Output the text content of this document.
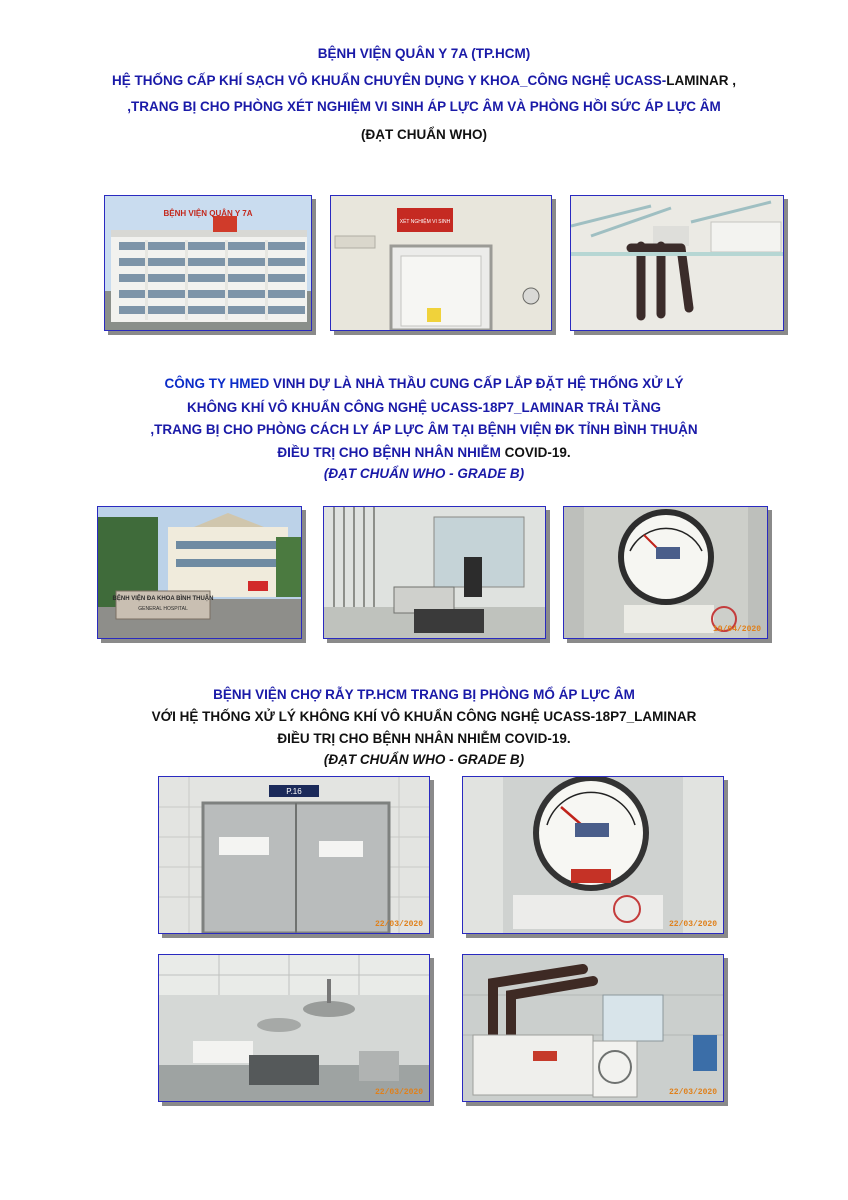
BỆNH VIỆN QUÂN Y 7A (TP.HCM)

HỆ THỐNG CẤP KHÍ SẠCH VÔ KHUẨN CHUYÊN DỤNG Y KHOA_CÔNG NGHỆ UCASS-LAMINAR ,

,TRANG BỊ CHO PHÒNG XÉT NGHIỆM VI SINH ÁP LỰC ÂM VÀ PHÒNG HỒI SỨC ÁP LỰC ÂM

(ĐẠT CHUẨN WHO)

BỆNH VIỆN QUÂN Y 7A
XÉT NGHIỆM VI SINH

CÔNG TY HMED VINH DỰ LÀ NHÀ THẦU CUNG CẤP LẮP ĐẶT HỆ THỐNG XỬ LÝ

KHÔNG KHÍ VÔ KHUẨN CÔNG NGHỆ UCASS-18P7_LAMINAR TRẢI TẦNG

,TRANG BỊ CHO PHÒNG CÁCH LY ÁP LỰC ÂM TẠI BỆNH VIỆN ĐK TỈNH BÌNH THUẬN

ĐIỀU TRỊ CHO BỆNH NHÂN NHIỄM COVID-19.

(ĐẠT CHUẨN WHO - GRADE B)

BỆNH VIỆN ĐA KHOA BÌNH THUẬN
GENERAL HOSPITAL
10/04/2020

BỆNH VIỆN CHỢ RẪY TP.HCM TRANG BỊ PHÒNG MỔ ÁP LỰC ÂM

VỚI HỆ THỐNG XỬ LÝ KHÔNG KHÍ VÔ KHUẨN CÔNG NGHỆ UCASS-18P7_LAMINAR

ĐIỀU TRỊ CHO BỆNH NHÂN NHIỄM COVID-19.

(ĐẠT CHUẨN WHO - GRADE B)

P.16
22/03/2020	22/03/2020
22/03/2020	22/03/2020
